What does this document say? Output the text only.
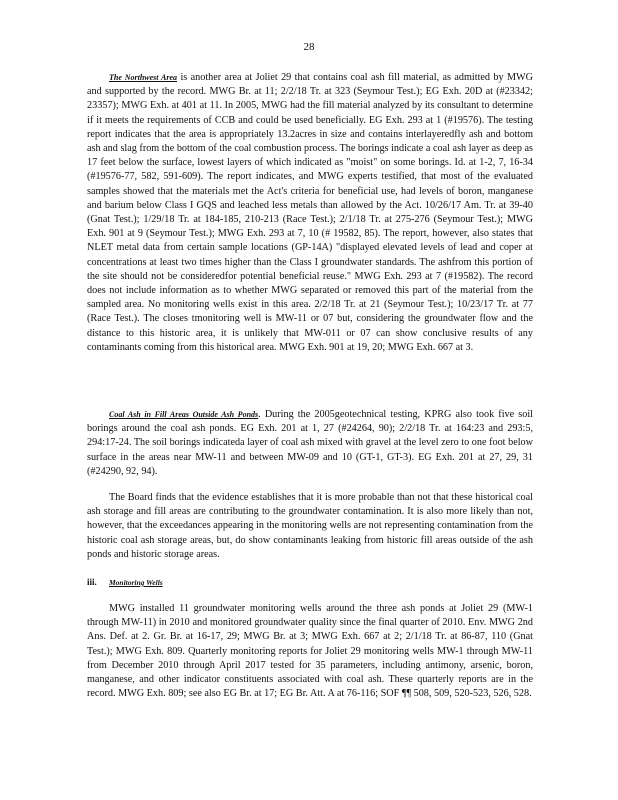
28

The Northwest Area is another area at Joliet 29 that contains coal ash fill material, as admitted by MWG and supported by the record. MWG Br. at 11; 2/2/18 Tr. at 323 (Seymour Test.); EG Exh. 20D at (#23342; 23357); MWG Exh. at 401 at 11. In 2005, MWG had the fill material analyzed by its consultant to determine if it meets the requirements of CCB and could be used beneficially. EG Exh. 293 at 1 (#19576). The testing report indicates that the area is appropriately 13.2acres in size and contains interlayeredfly ash and bottom ash and slag from the bottom of the coal combustion process. The borings indicate a coal ash layer as deep as 17 feet below the surface, lowest layers of which indicated as "moist" on some borings. Id. at 1-2, 7, 16-34 (#19576-77, 582, 591-609). The report indicates, and MWG experts testified, that most of the evaluated samples showed that the materials met the Act's criteria for beneficial use, had levels of boron, manganese and barium below Class I GQS and leached less metals than allowed by the Act. 10/26/17 Am. Tr. at 39-40 (Gnat Test.); 1/29/18 Tr. at 184-185, 210-213 (Race Test.); 2/1/18 Tr. at 275-276 (Seymour Test.); MWG Exh. 901 at 9 (Seymour Test.); MWG Exh. 293 at 7, 10 (# 19582, 85). The report, however, also states that NLET metal data from certain sample locations (GP-14A) "displayed elevated levels of lead and coper at concentrations at least two times higher than the Class I groundwater standards. The ashfrom this portion of the site should not be consideredfor potential beneficial reuse." MWG Exh. 293 at 7 (#19582). The record does not include information as to whether MWG separated or removed this part of the material from the sampled area. No monitoring wells exist in this area. 2/2/18 Tr. at 21 (Seymour Test.); 10/23/17 Tr. at 77 (Race Test.). The closes tmonitoring well is MW-11 or 07 but, considering the groundwater flow and the distance to this historic area, it is unlikely that MW-011 or 07 can show conclusive results of any contaminants coming from this historical area. MWG Exh. 901 at 19, 20; MWG Exh. 667 at 3.

Coal Ash in Fill Areas Outside Ash Ponds. During the 2005geotechnical testing, KPRG also took five soil borings around the coal ash ponds. EG Exh. 201 at 1, 27 (#24264, 90); 2/2/18 Tr. at 164:23 and 293:5, 294:17-24. The soil borings indicateda layer of coal ash mixed with gravel at the level zero to one foot below surface in the areas near MW-11 and between MW-09 and 10 (GT-1, GT-3). EG Exh. 201 at 27, 29, 31 (#24290, 92, 94).

The Board finds that the evidence establishes that it is more probable than not that these historical coal ash storage and fill areas are contributing to the groundwater contamination. It is also more likely than not, however, that the exceedances appearing in the monitoring wells are not representing contamination from the historic coal ash storage areas, but, do show contaminants leaking from historic fill areas outside of the ash ponds and historic storage areas.

iii. Monitoring Wells

MWG installed 11 groundwater monitoring wells around the three ash ponds at Joliet 29 (MW-1 through MW-11) in 2010 and monitored groundwater quality since the final quarter of 2010. Env. MWG 2nd Ans. Def. at 2. Gr. Br. at 16-17, 29; MWG Br. at 3; MWG Exh. 667 at 2; 2/1/18 Tr. at 86-87, 110 (Gnat Test.); MWG Exh. 809. Quarterly monitoring reports for Joliet 29 monitoring wells MW-1 through MW-11 from December 2010 through April 2017 tested for 35 parameters, including antimony, arsenic, boron, manganese, and other indicator constituents associated with coal ash. These quarterly reports are in the record. MWG Exh. 809; see also EG Br. at 17; EG Br. Att. A at 76-116; SOF ¶¶ 508, 509, 520-523, 526, 528.
